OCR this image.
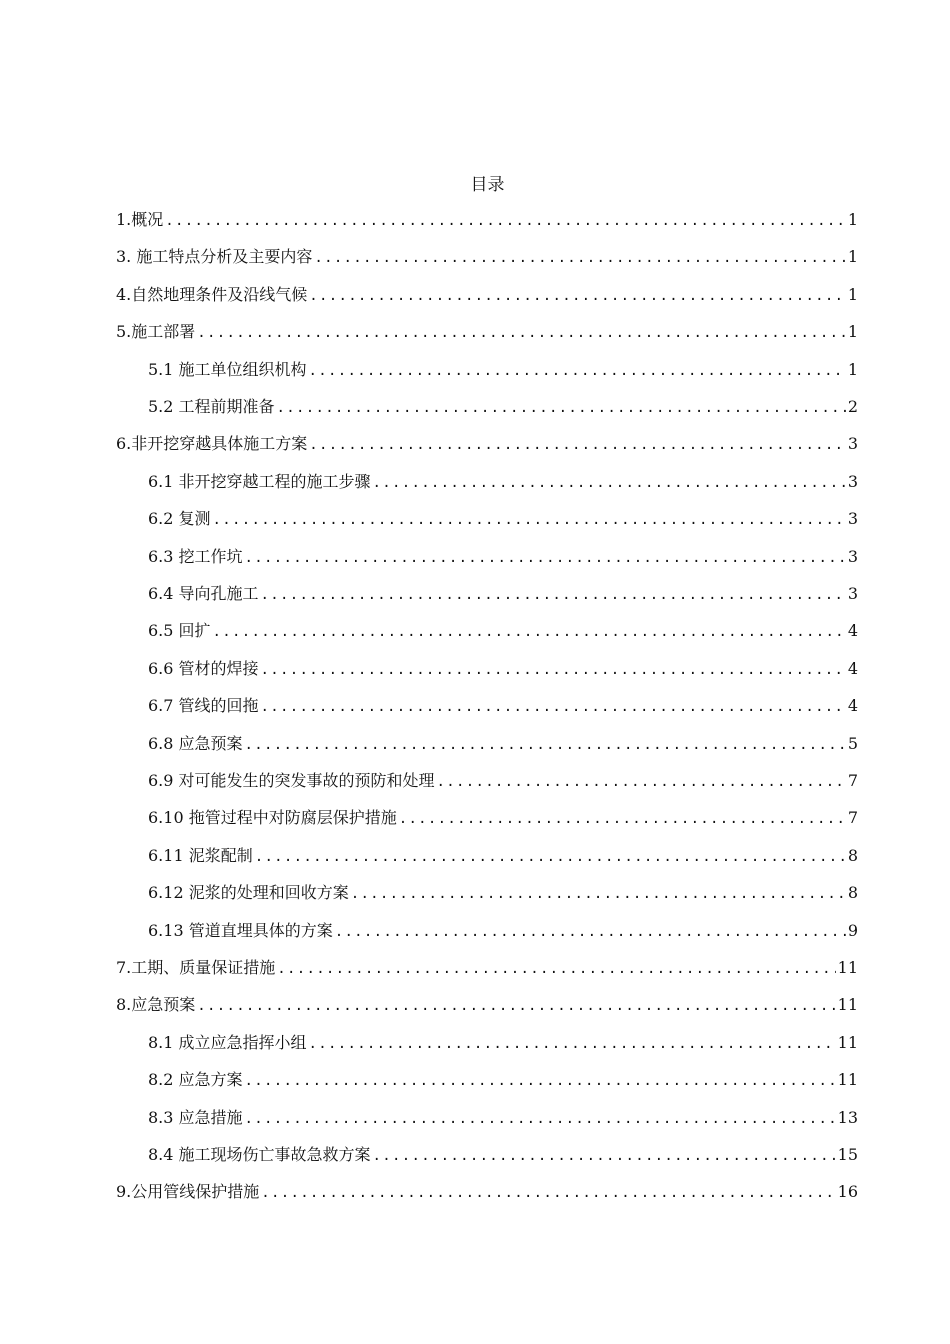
目录
1.概况 .....	1
3. 施工特点分析及主要内容 .....	1
4.自然地理条件及沿线气候 .....	1
5.施工部署 .....	1
5.1 施工单位组织机构 .....	1
5.2 工程前期准备 .....	2
6.非开挖穿越具体施工方案 .....	3
6.1 非开挖穿越工程的施工步骤 .....	3
6.2 复测 .....	3
6.3 挖工作坑 .....	3
6.4 导向孔施工 .....	3
6.5 回扩 .....	4
6.6 管材的焊接 .....	4
6.7 管线的回拖 .....	4
6.8 应急预案 .....	5
6.9 对可能发生的突发事故的预防和处理 .....	7
6.10 拖管过程中对防腐层保护措施 .....	7
6.11 泥浆配制 .....	8
6.12 泥浆的处理和回收方案 .....	8
6.13 管道直埋具体的方案 .....	9
7.工期、质量保证措施 .....	11
8.应急预案 .....	11
8.1 成立应急指挥小组 .....	11
8.2 应急方案 .....	11
8.3 应急措施 .....	13
8.4 施工现场伤亡事故急救方案 .....	15
9.公用管线保护措施 .....	16
